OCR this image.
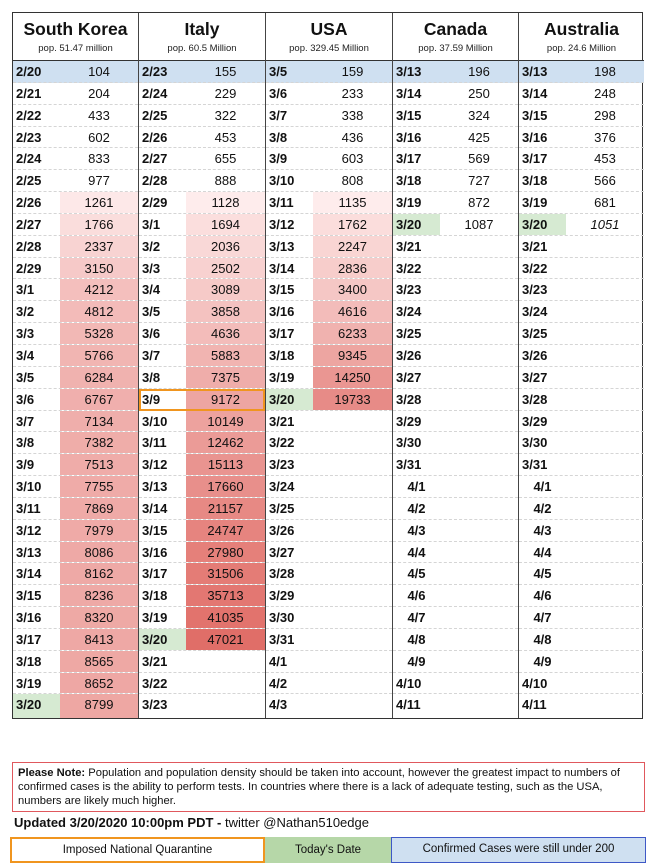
South Korea
pop. 51.47 million
2/20	104
2/21	204
2/22	433
2/23	602
2/24	833
2/25	977
2/26	1261
2/27	1766
2/28	2337
2/29	3150
3/1	4212
3/2	4812
3/3	5328
3/4	5766
3/5	6284
3/6	6767
3/7	7134
3/8	7382
3/9	7513
3/10	7755
3/11	7869
3/12	7979
3/13	8086
3/14	8162
3/15	8236
3/16	8320
3/17	8413
3/18	8565
3/19	8652
3/20	8799
Italy
pop. 60.5 Million
2/23	155
2/24	229
2/25	322
2/26	453
2/27	655
2/28	888
2/29	1128
3/1	1694
3/2	2036
3/3	2502
3/4	3089
3/5	3858
3/6	4636
3/7	5883
3/8	7375
3/9	9172
3/10	10149
3/11	12462
3/12	15113
3/13	17660
3/14	21157
3/15	24747
3/16	27980
3/17	31506
3/18	35713
3/19	41035
3/20	47021
3/21
3/22
3/23
USA
pop. 329.45 Million
3/5	159
3/6	233
3/7	338
3/8	436
3/9	603
3/10	808
3/11	1135
3/12	1762
3/13	2247
3/14	2836
3/15	3400
3/16	4616
3/17	6233
3/18	9345
3/19	14250
3/20	19733
3/21
3/22
3/23
3/24
3/25
3/26
3/27
3/28
3/29
3/30
3/31
4/1
4/2
4/3
Canada
pop. 37.59 Million
3/13	196
3/14	250
3/15	324
3/16	425
3/17	569
3/18	727
3/19	872
3/20	1087
3/21
3/22
3/23
3/24
3/25
3/26
3/27
3/28
3/29
3/30
3/31
4/1
4/2
4/3
4/4
4/5
4/6
4/7
4/8
4/9
4/10
4/11
Australia
pop. 24.6 Million
3/13	198
3/14	248
3/15	298
3/16	376
3/17	453
3/18	566
3/19	681
3/20	1051
3/21
3/22
3/23
3/24
3/25
3/26
3/27
3/28
3/29
3/30
3/31
4/1
4/2
4/3
4/4
4/5
4/6
4/7
4/8
4/9
4/10
4/11
Please Note: Population and population density should be taken into account, however the greatest impact to numbers of confirmed cases is the ability to perform tests. In countries where there is a lack of adequate testing, such as the USA, numbers are likely much higher.
Updated 3/20/2020 10:00pm PDT - twitter @Nathan510edge
Imposed National Quarantine	Today's Date	Confirmed Cases were still under 200
